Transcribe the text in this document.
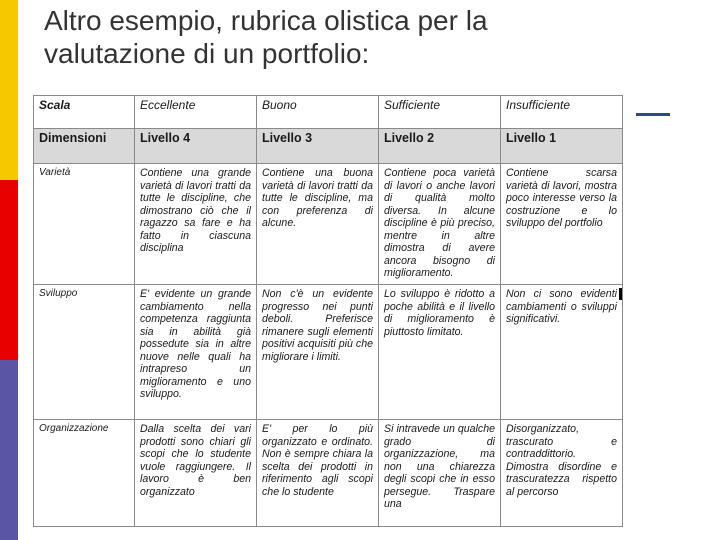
Altro esempio, rubrica olistica per la
valutazione di un portfolio:
Scala	Eccellente	Buono	Sufficiente	Insufficiente
Dimensioni	Livello 4	Livello 3	Livello 2	Livello 1
Varietà	Contiene una grande varietà di lavori tratti da tutte le discipline, che dimostrano ciò che il ragazzo sa fare e ha fatto in ciascuna disciplina	Contiene una buona varietà di lavori tratti da tutte le discipline, ma con preferenza di alcune.	Contiene poca varietà di lavori o anche lavori di qualità molto diversa. In alcune discipline è più preciso, mentre in altre dimostra di avere ancora bisogno di miglioramento.	Contiene scarsa varietà di lavori, mostra poco interesse verso la costruzione e lo sviluppo del portfolio
Sviluppo	E' evidente un grande cambiamento nella competenza raggiunta sia in abilità già possedute sia in altre nuove nelle quali ha intrapreso un miglioramento e uno sviluppo.	Non c'è un evidente progresso nei punti deboli. Preferisce rimanere sugli elementi positivi acquisiti più che migliorare i limiti.	Lo sviluppo è ridotto a poche abilità e il livello di miglioramento è piuttosto limitato.	Non ci sono evidenti cambiamenti o sviluppi significativi.
Organizzazione	Dalla scelta dei vari prodotti sono chiari gli scopi che lo studente vuole raggiungere. Il lavoro è ben organizzato	E' per lo più organizzato e ordinato. Non è sempre chiara la scelta dei prodotti in riferimento agli scopi che lo studente	Si intravede un qualche grado di organizzazione, ma non una chiarezza degli scopi che in esso persegue. Traspare una	Disorganizzato, trascurato e contraddittorio. Dimostra disordine e trascuratezza rispetto al percorso
